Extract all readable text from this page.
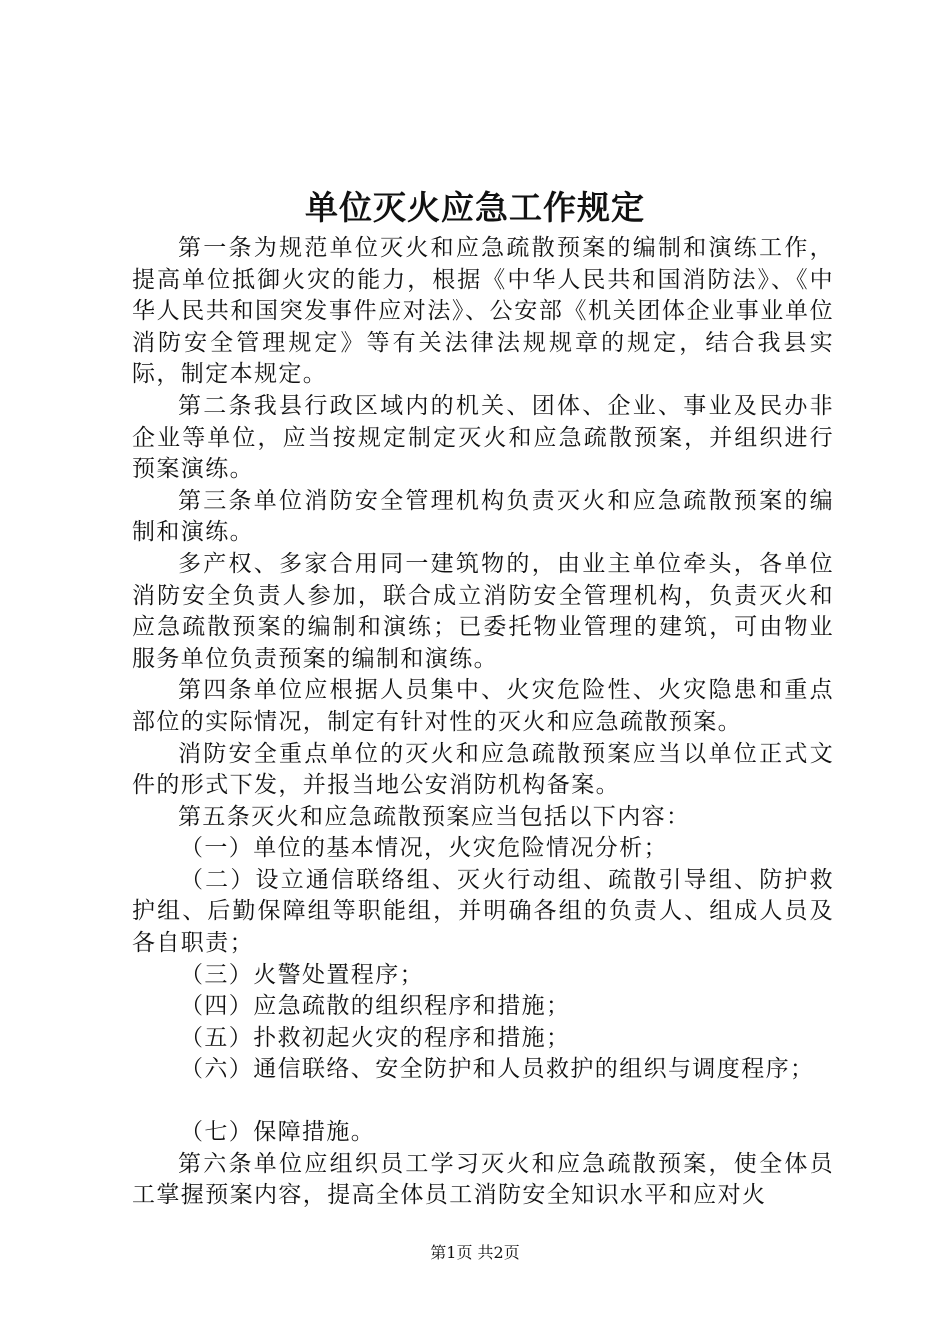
单位灭火应急工作规定

第一条为规范单位灭火和应急疏散预案的编制和演练工作，提高单位抵御火灾的能力，根据《中华人民共和国消防法》、《中华人民共和国突发事件应对法》、公安部《机关团体企业事业单位消防安全管理规定》等有关法律法规规章的规定，结合我县实际，制定本规定。

第二条我县行政区域内的机关、团体、企业、事业及民办非企业等单位，应当按规定制定灭火和应急疏散预案，并组织进行预案演练。

第三条单位消防安全管理机构负责灭火和应急疏散预案的编制和演练。

多产权、多家合用同一建筑物的，由业主单位牵头，各单位消防安全负责人参加，联合成立消防安全管理机构，负责灭火和应急疏散预案的编制和演练；已委托物业管理的建筑，可由物业服务单位负责预案的编制和演练。

第四条单位应根据人员集中、火灾危险性、火灾隐患和重点部位的实际情况，制定有针对性的灭火和应急疏散预案。

消防安全重点单位的灭火和应急疏散预案应当以单位正式文件的形式下发，并报当地公安消防机构备案。

第五条灭火和应急疏散预案应当包括以下内容：

（一）单位的基本情况，火灾危险情况分析；

（二）设立通信联络组、灭火行动组、疏散引导组、防护救护组、后勤保障组等职能组，并明确各组的负责人、组成人员及各自职责；

（三）火警处置程序；

（四）应急疏散的组织程序和措施；

（五）扑救初起火灾的程序和措施；

（六）通信联络、安全防护和人员救护的组织与调度程序；

（七）保障措施。

第六条单位应组织员工学习灭火和应急疏散预案，使全体员工掌握预案内容，提高全体员工消防安全知识水平和应对火

第1页 共2页
